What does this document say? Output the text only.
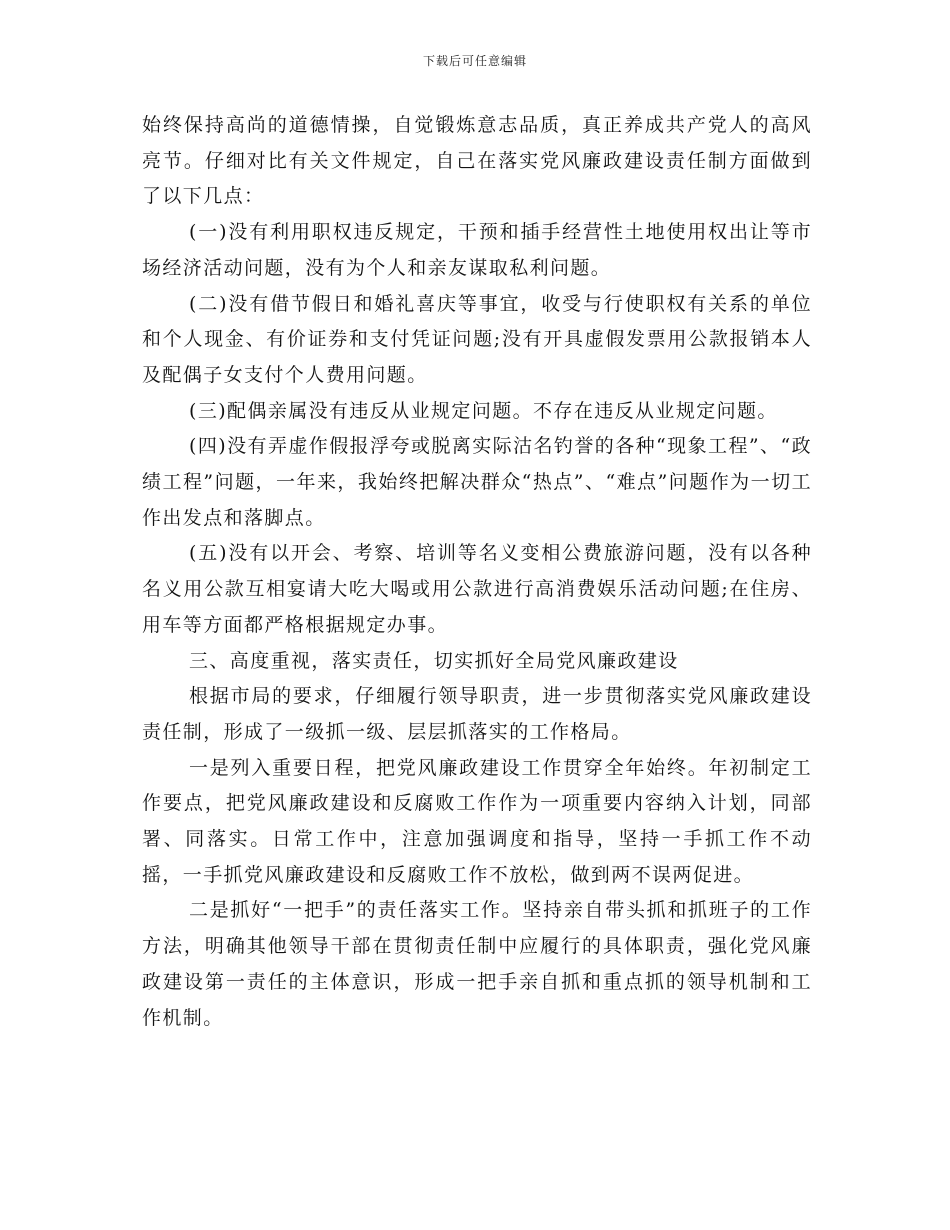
下载后可任意编辑

始终保持高尚的道德情操，自觉锻炼意志品质，真正养成共产党人的高风亮节。仔细对比有关文件规定，自己在落实党风廉政建设责任制方面做到了以下几点：

(一)没有利用职权违反规定，干预和插手经营性土地使用权出让等市场经济活动问题，没有为个人和亲友谋取私利问题。

(二)没有借节假日和婚礼喜庆等事宜，收受与行使职权有关系的单位和个人现金、有价证券和支付凭证问题;没有开具虚假发票用公款报销本人及配偶子女支付个人费用问题。

(三)配偶亲属没有违反从业规定问题。不存在违反从业规定问题。

(四)没有弄虚作假报浮夸或脱离实际沽名钓誉的各种“现象工程”、“政绩工程”问题，一年来，我始终把解决群众“热点”、“难点”问题作为一切工作出发点和落脚点。

(五)没有以开会、考察、培训等名义变相公费旅游问题，没有以各种名义用公款互相宴请大吃大喝或用公款进行高消费娱乐活动问题;在住房、用车等方面都严格根据规定办事。

三、高度重视，落实责任，切实抓好全局党风廉政建设

根据市局的要求，仔细履行领导职责，进一步贯彻落实党风廉政建设责任制，形成了一级抓一级、层层抓落实的工作格局。

一是列入重要日程，把党风廉政建设工作贯穿全年始终。年初制定工作要点，把党风廉政建设和反腐败工作作为一项重要内容纳入计划，同部署、同落实。日常工作中，注意加强调度和指导，坚持一手抓工作不动摇，一手抓党风廉政建设和反腐败工作不放松，做到两不误两促进。

二是抓好“一把手”的责任落实工作。坚持亲自带头抓和抓班子的工作方法，明确其他领导干部在贯彻责任制中应履行的具体职责，强化党风廉政建设第一责任的主体意识，形成一把手亲自抓和重点抓的领导机制和工作机制。
